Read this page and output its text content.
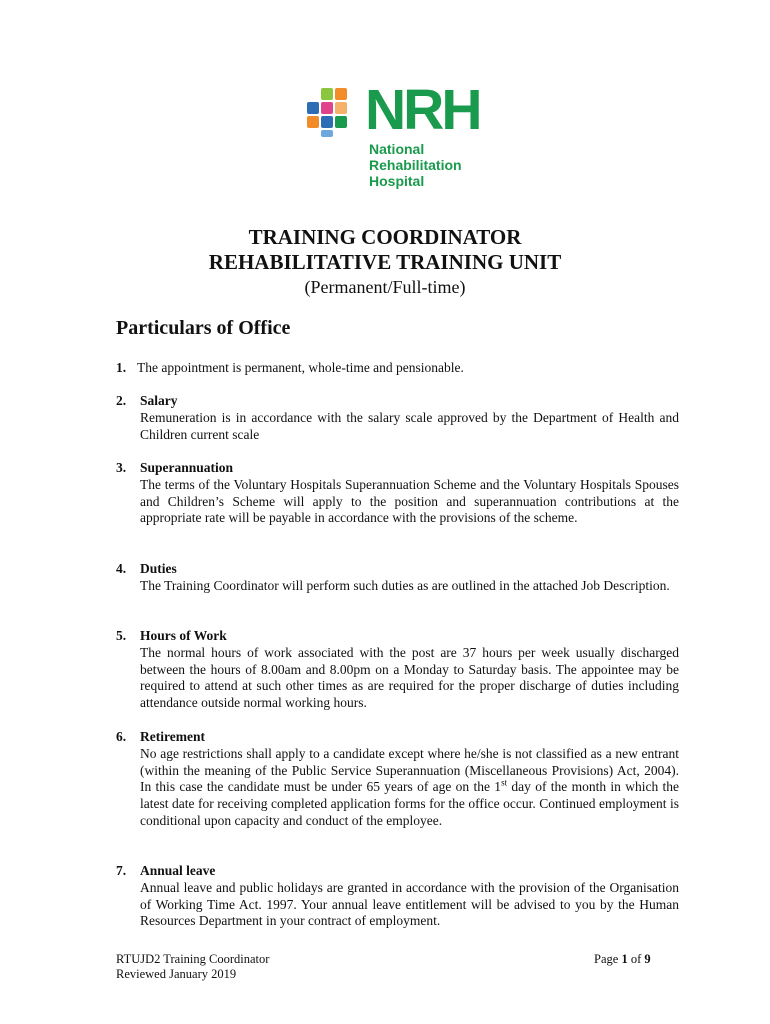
NRH
National
Rehabilitation
Hospital
TRAINING COORDINATOR
REHABILITATIVE TRAINING UNIT
(Permanent/Full-time)
Particulars of Office
1. The appointment is permanent, whole-time and pensionable.
2. Salary
Remuneration is in accordance with the salary scale approved by the Department of Health and Children current scale
3. Superannuation
The terms of the Voluntary Hospitals Superannuation Scheme and the Voluntary Hospitals Spouses and Children’s Scheme will apply to the position and superannuation contributions at the appropriate rate will be payable in accordance with the provisions of the scheme.
4. Duties
The Training Coordinator will perform such duties as are outlined in the attached Job Description.
5. Hours of Work
The normal hours of work associated with the post are 37 hours per week usually discharged between the hours of 8.00am and 8.00pm on a Monday to Saturday basis. The appointee may be required to attend at such other times as are required for the proper discharge of duties including attendance outside normal working hours.
6. Retirement
No age restrictions shall apply to a candidate except where he/she is not classified as a new entrant (within the meaning of the Public Service Superannuation (Miscellaneous Provisions) Act, 2004). In this case the candidate must be under 65 years of age on the 1st day of the month in which the latest date for receiving completed application forms for the office occur. Continued employment is conditional upon capacity and conduct of the employee.
7. Annual leave
Annual leave and public holidays are granted in accordance with the provision of the Organisation of Working Time Act. 1997. Your annual leave entitlement will be advised to you by the Human Resources Department in your contract of employment.
RTUJD2 Training Coordinator
Reviewed January 2019
Page 1 of 9
